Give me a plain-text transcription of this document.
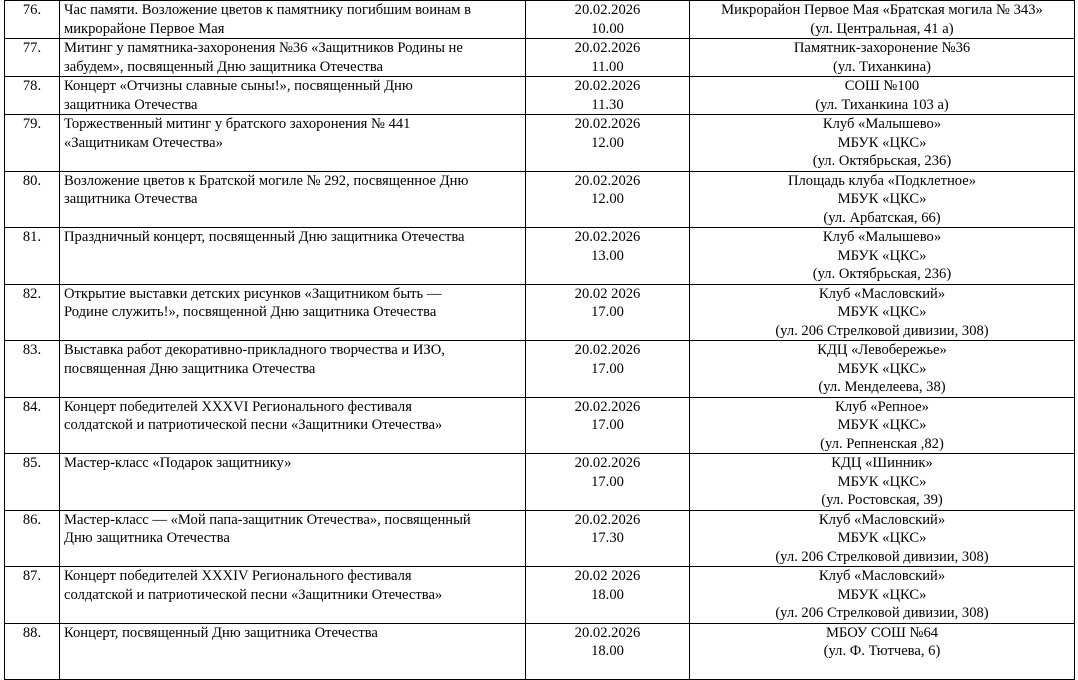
76.	Час памяти. Возложение цветов к памятнику погибшим воинам в
микрорайоне Первое Мая	20.02.2026
10.00	Микрорайон Первое Мая «Братская могила № 343»
(ул. Центральная, 41 а)

77.	Митинг у памятника-захоронения №36 «Защитников Родины не
забудем», посвященный Дню защитника Отечества	20.02.2026
11.00	Памятник-захоронение №36
(ул. Тиханкина)

78.	Концерт «Отчизны славные сыны!», посвященный Дню
защитника Отечества	20.02.2026
11.30	СОШ №100
(ул. Тиханкина 103 а)

79.	Торжественный митинг у братского захоронения № 441
«Защитникам Отечества»	20.02.2026
12.00	Клуб «Малышево»
МБУК «ЦКС»
(ул. Октябрьская, 236)

80.	Возложение цветов к Братской могиле № 292, посвященное Дню
защитника Отечества	20.02.2026
12.00	Площадь клуба «Подклетное»
МБУК «ЦКС»
(ул. Арбатская, 66)

81.	Праздничный концерт, посвященный Дню защитника Отечества	20.02.2026
13.00	Клуб «Малышево»
МБУК «ЦКС»
(ул. Октябрьская, 236)

82.	Открытие выставки детских рисунков «Защитником быть —
Родине служить!», посвященной Дню защитника Отечества	20.02 2026
17.00	Клуб «Масловский»
МБУК «ЦКС»
(ул. 206 Стрелковой дивизии, 308)

83.	Выставка работ декоративно-прикладного творчества и ИЗО,
посвященная Дню защитника Отечества	20.02.2026
17.00	КДЦ «Левобережье»
МБУК «ЦКС»
(ул. Менделеева, 38)

84.	Концерт победителей XXXVI Регионального фестиваля
солдатской и патриотической песни «Защитники Отечества»	20.02.2026
17.00	Клуб «Репное»
МБУК «ЦКС»
(ул. Репненская ,82)

85.	Мастер-класс «Подарок защитнику»	20.02.2026
17.00	КДЦ «Шинник»
МБУК «ЦКС»
(ул. Ростовская, 39)

86.	Мастер-класс — «Мой папа-защитник Отечества», посвященный
Дню защитника Отечества	20.02.2026
17.30	Клуб «Масловский»
МБУК «ЦКС»
(ул. 206 Стрелковой дивизии, 308)

87.	Концерт победителей XXXIV Регионального фестиваля
солдатской и патриотической песни «Защитники Отечества»	20.02 2026
18.00	Клуб «Масловский»
МБУК «ЦКС»
(ул. 206 Стрелковой дивизии, 308)

88.	Концерт, посвященный Дню защитника Отечества	20.02.2026
18.00	МБОУ СОШ №64
(ул. Ф. Тютчева, 6)
